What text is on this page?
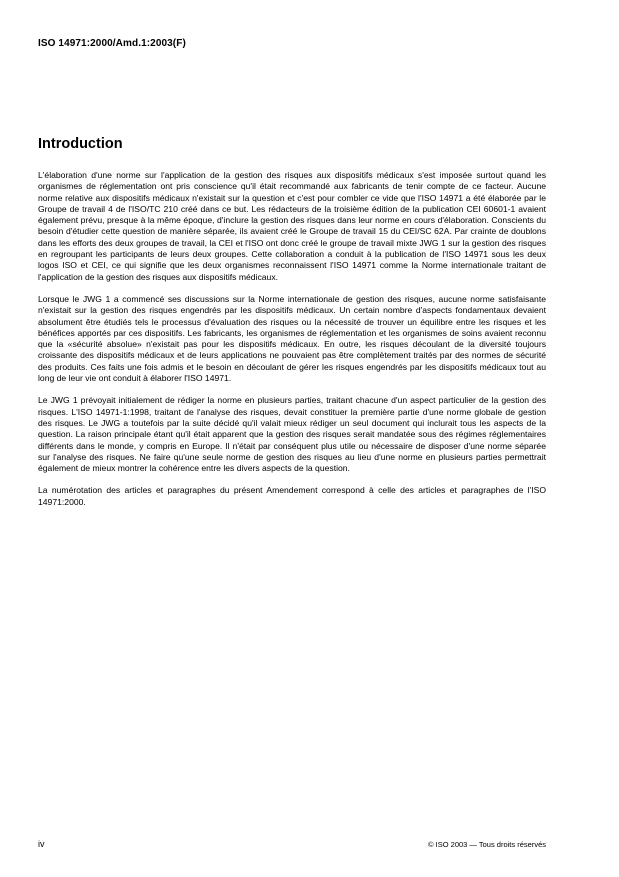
ISO 14971:2000/Amd.1:2003(F)
Introduction

L'élaboration d'une norme sur l'application de la gestion des risques aux dispositifs médicaux s'est imposée surtout quand les organismes de réglementation ont pris conscience qu'il était recommandé aux fabricants de tenir compte de ce facteur. Aucune norme relative aux dispositifs médicaux n'existait sur la question et c'est pour combler ce vide que l'ISO 14971 a été élaborée par le Groupe de travail 4 de l'ISO/TC 210 créé dans ce but. Les rédacteurs de la troisième édition de la publication CEI 60601-1 avaient également prévu, presque à la même époque, d'inclure la gestion des risques dans leur norme en cours d'élaboration. Conscients du besoin d'étudier cette question de manière séparée, ils avaient créé le Groupe de travail 15 du CEI/SC 62A. Par crainte de doublons dans les efforts des deux groupes de travail, la CEI et l'ISO ont donc créé le groupe de travail mixte JWG 1 sur la gestion des risques en regroupant les participants de leurs deux groupes. Cette collaboration a conduit à la publication de l'ISO 14971 sous les deux logos ISO et CEI, ce qui signifie que les deux organismes reconnaissent l'ISO 14971 comme la Norme internationale traitant de l'application de la gestion des risques aux dispositifs médicaux.

Lorsque le JWG 1 a commencé ses discussions sur la Norme internationale de gestion des risques, aucune norme satisfaisante n'existait sur la gestion des risques engendrés par les dispositifs médicaux. Un certain nombre d'aspects fondamentaux devaient absolument être étudiés tels le processus d'évaluation des risques ou la nécessité de trouver un équilibre entre les risques et les bénéfices apportés par ces dispositifs. Les fabricants, les organismes de réglementation et les organismes de soins avaient reconnu que la «sécurité absolue» n'existait pas pour les dispositifs médicaux. En outre, les risques découlant de la diversité toujours croissante des dispositifs médicaux et de leurs applications ne pouvaient pas être complètement traités par des normes de sécurité des produits. Ces faits une fois admis et le besoin en découlant de gérer les risques engendrés par les dispositifs médicaux tout au long de leur vie ont conduit à élaborer l'ISO 14971.

Le JWG 1 prévoyait initialement de rédiger la norme en plusieurs parties, traitant chacune d'un aspect particulier de la gestion des risques. L'ISO 14971-1:1998, traitant de l'analyse des risques, devait constituer la première partie d'une norme globale de gestion des risques. Le JWG a toutefois par la suite décidé qu'il valait mieux rédiger un seul document qui inclurait tous les aspects de la question. La raison principale étant qu'il était apparent que la gestion des risques serait mandatée sous des régimes réglementaires différents dans le monde, y compris en Europe. Il n'était par conséquent plus utile ou nécessaire de disposer d'une norme séparée sur l'analyse des risques. Ne faire qu'une seule norme de gestion des risques au lieu d'une norme en plusieurs parties permettrait également de mieux montrer la cohérence entre les divers aspects de la question.

La numérotation des articles et paragraphes du présent Amendement correspond à celle des articles et paragraphes de l'ISO 14971:2000.

iv	© ISO 2003 — Tous droits réservés
